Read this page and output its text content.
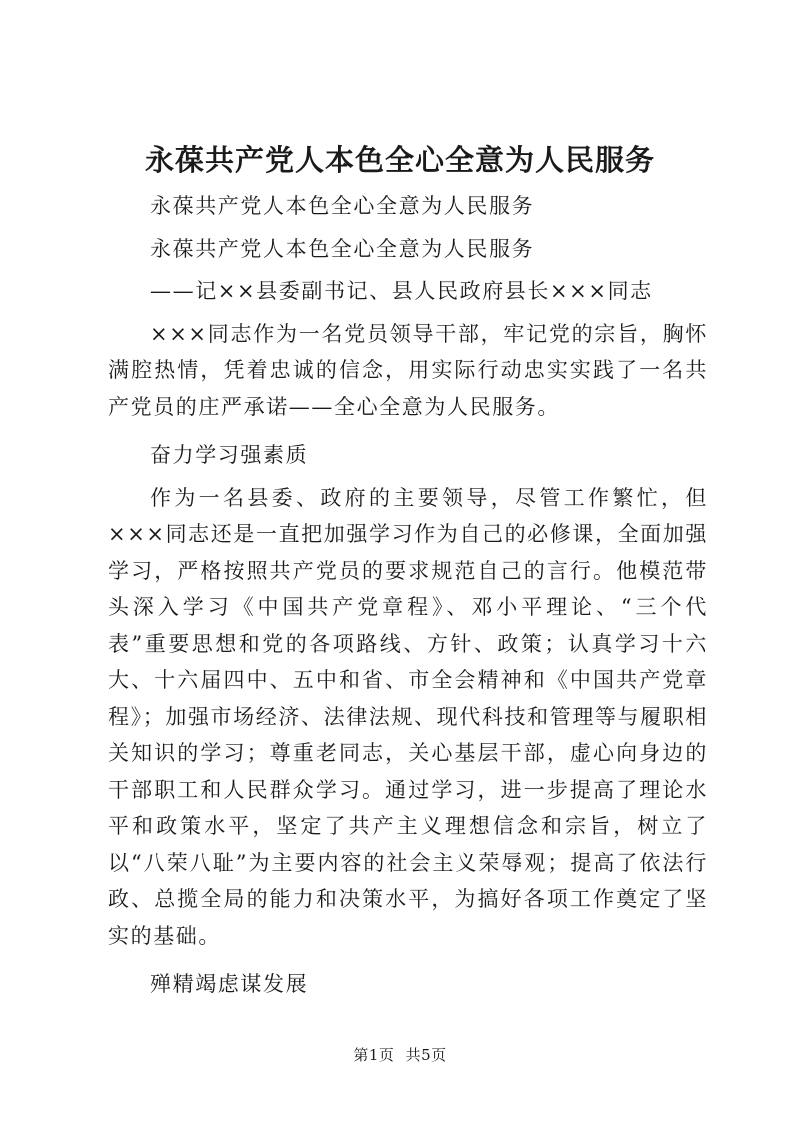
永葆共产党人本色全心全意为人民服务

永葆共产党人本色全心全意为人民服务

永葆共产党人本色全心全意为人民服务

——记××县委副书记、县人民政府县长×××同志

×××同志作为一名党员领导干部，牢记党的宗旨，胸怀满腔热情，凭着忠诚的信念，用实际行动忠实实践了一名共产党员的庄严承诺——全心全意为人民服务。

奋力学习强素质

作为一名县委、政府的主要领导，尽管工作繁忙，但×××同志还是一直把加强学习作为自己的必修课，全面加强学习，严格按照共产党员的要求规范自己的言行。他模范带头深入学习《中国共产党章程》、邓小平理论、“三个代表”重要思想和党的各项路线、方针、政策；认真学习十六大、十六届四中、五中和省、市全会精神和《中国共产党章程》；加强市场经济、法律法规、现代科技和管理等与履职相关知识的学习；尊重老同志，关心基层干部，虚心向身边的干部职工和人民群众学习。通过学习，进一步提高了理论水平和政策水平，坚定了共产主义理想信念和宗旨，树立了以“八荣八耻”为主要内容的社会主义荣辱观；提高了依法行政、总揽全局的能力和决策水平，为搞好各项工作奠定了坚实的基础。

殚精竭虑谋发展

第1页 共5页
